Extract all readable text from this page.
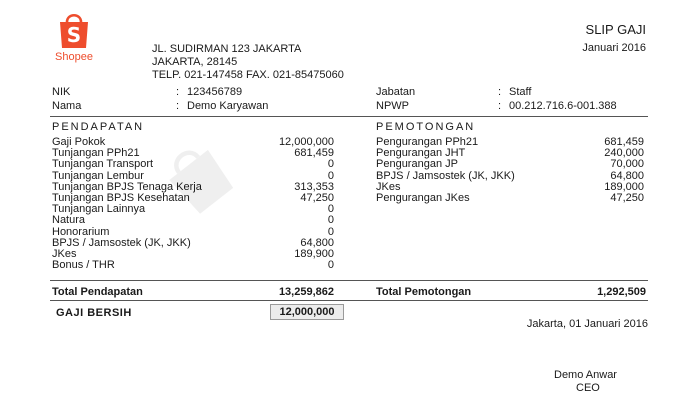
S
Shopee
JL. SUDIRMAN 123 JAKARTA
JAKARTA, 28145
TELP. 021-147458 FAX. 021-85475060
SLIP GAJI
Januari 2016
NIK	: 123456789
Nama	: Demo Karyawan
Jabatan	: Staff
NPWP	: 00.212.716.6-001.388
PENDAPATAN	PEMOTONGAN
Gaji Pokok	12,000,000
Tunjangan PPh21	681,459
Tunjangan Transport	0
Tunjangan Lembur	0
Tunjangan BPJS Tenaga Kerja	313,353
Tunjangan BPJS Kesehatan	47,250
Tunjangan Lainnya	0
Natura	0
Honorarium	0
BPJS / Jamsostek (JK, JKK)	64,800
JKes	189,900
Bonus / THR	0
Pengurangan PPh21	681,459
Pengurangan JHT	240,000
Pengurangan JP	70,000
BPJS / Jamsostek (JK, JKK)	64,800
JKes	189,000
Pengurangan JKes	47,250
Total Pendapatan	13,259,862	Total Pemotongan	1,292,509
GAJI BERSIH	12,000,000
Jakarta, 01 Januari 2016
Demo Anwar
CEO
